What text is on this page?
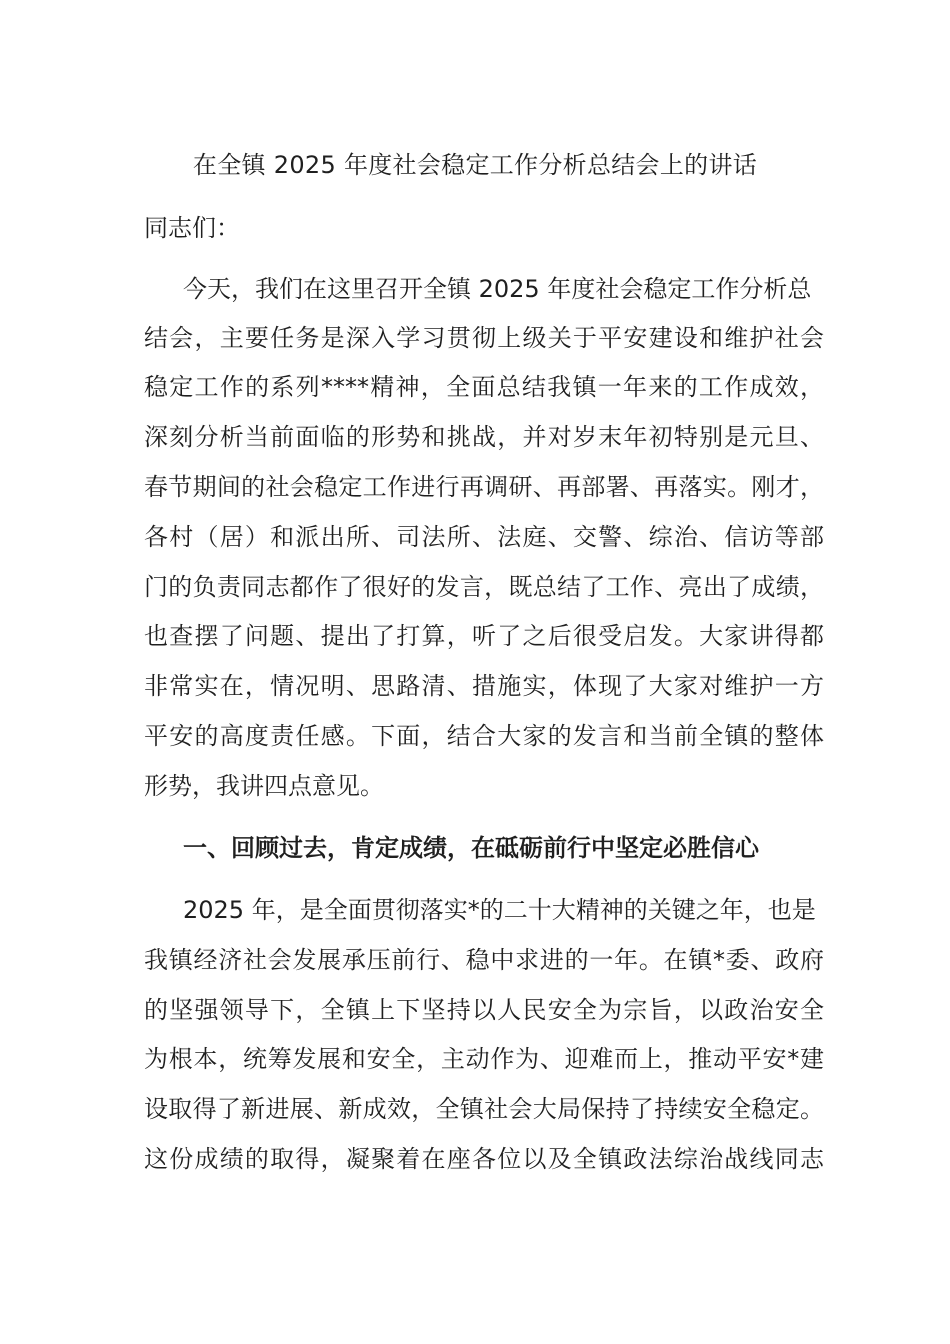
在全镇 2025 年度社会稳定工作分析总结会上的讲话
同志们：
今天，我们在这里召开全镇 2025 年度社会稳定工作分析总
结会，主要任务是深入学习贯彻上级关于平安建设和维护社会
稳定工作的系列****精神，全面总结我镇一年来的工作成效，
深刻分析当前面临的形势和挑战，并对岁末年初特别是元旦、
春节期间的社会稳定工作进行再调研、再部署、再落实。刚才，
各村（居）和派出所、司法所、法庭、交警、综治、信访等部
门的负责同志都作了很好的发言，既总结了工作、亮出了成绩，
也查摆了问题、提出了打算，听了之后很受启发。大家讲得都
非常实在，情况明、思路清、措施实，体现了大家对维护一方
平安的高度责任感。下面，结合大家的发言和当前全镇的整体
形势，我讲四点意见。
一、回顾过去，肯定成绩，在砥砺前行中坚定必胜信心
2025 年，是全面贯彻落实*的二十大精神的关键之年，也是
我镇经济社会发展承压前行、稳中求进的一年。在镇*委、政府
的坚强领导下，全镇上下坚持以人民安全为宗旨，以政治安全
为根本，统筹发展和安全，主动作为、迎难而上，推动平安*建
设取得了新进展、新成效，全镇社会大局保持了持续安全稳定。
这份成绩的取得，凝聚着在座各位以及全镇政法综治战线同志
